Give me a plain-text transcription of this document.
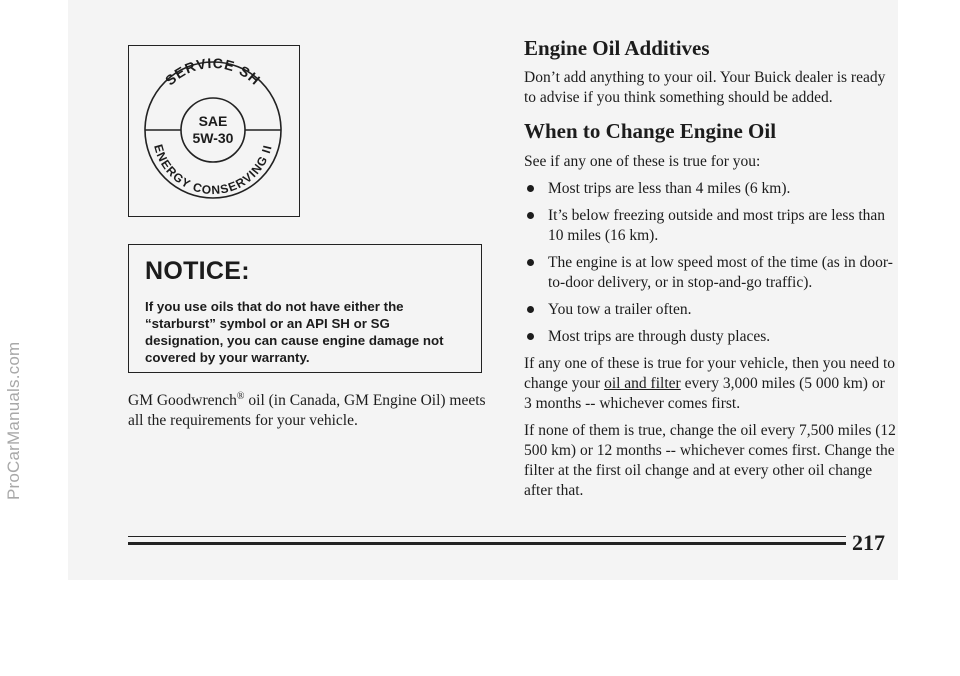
ProCarManuals.com
SERVICE SH
ENERGY CONSERVING II
SAE
5W-30

NOTICE:

If you use oils that do not have either the “starburst” symbol or an API SH or SG designation, you can cause engine damage not covered by your warranty.

GM Goodwrench® oil (in Canada, GM Engine Oil) meets all the requirements for your vehicle.

Engine Oil Additives

Don’t add anything to your oil. Your Buick dealer is ready to advise if you think something should be added.

When to Change Engine Oil

See if any one of these is true for you:

Most trips are less than 4 miles (6 km).
It’s below freezing outside and most trips are less than 10 miles (16 km).
The engine is at low speed most of the time (as in door-to-door delivery, or in stop-and-go traffic).
You tow a trailer often.
Most trips are through dusty places.

If any one of these is true for your vehicle, then you need to change your oil and filter every 3,000 miles (5 000 km) or 3 months -- whichever comes first.

If none of them is true, change the oil every 7,500 miles (12 500 km) or 12 months -- whichever comes first. Change the filter at the first oil change and at every other oil change after that.

217
